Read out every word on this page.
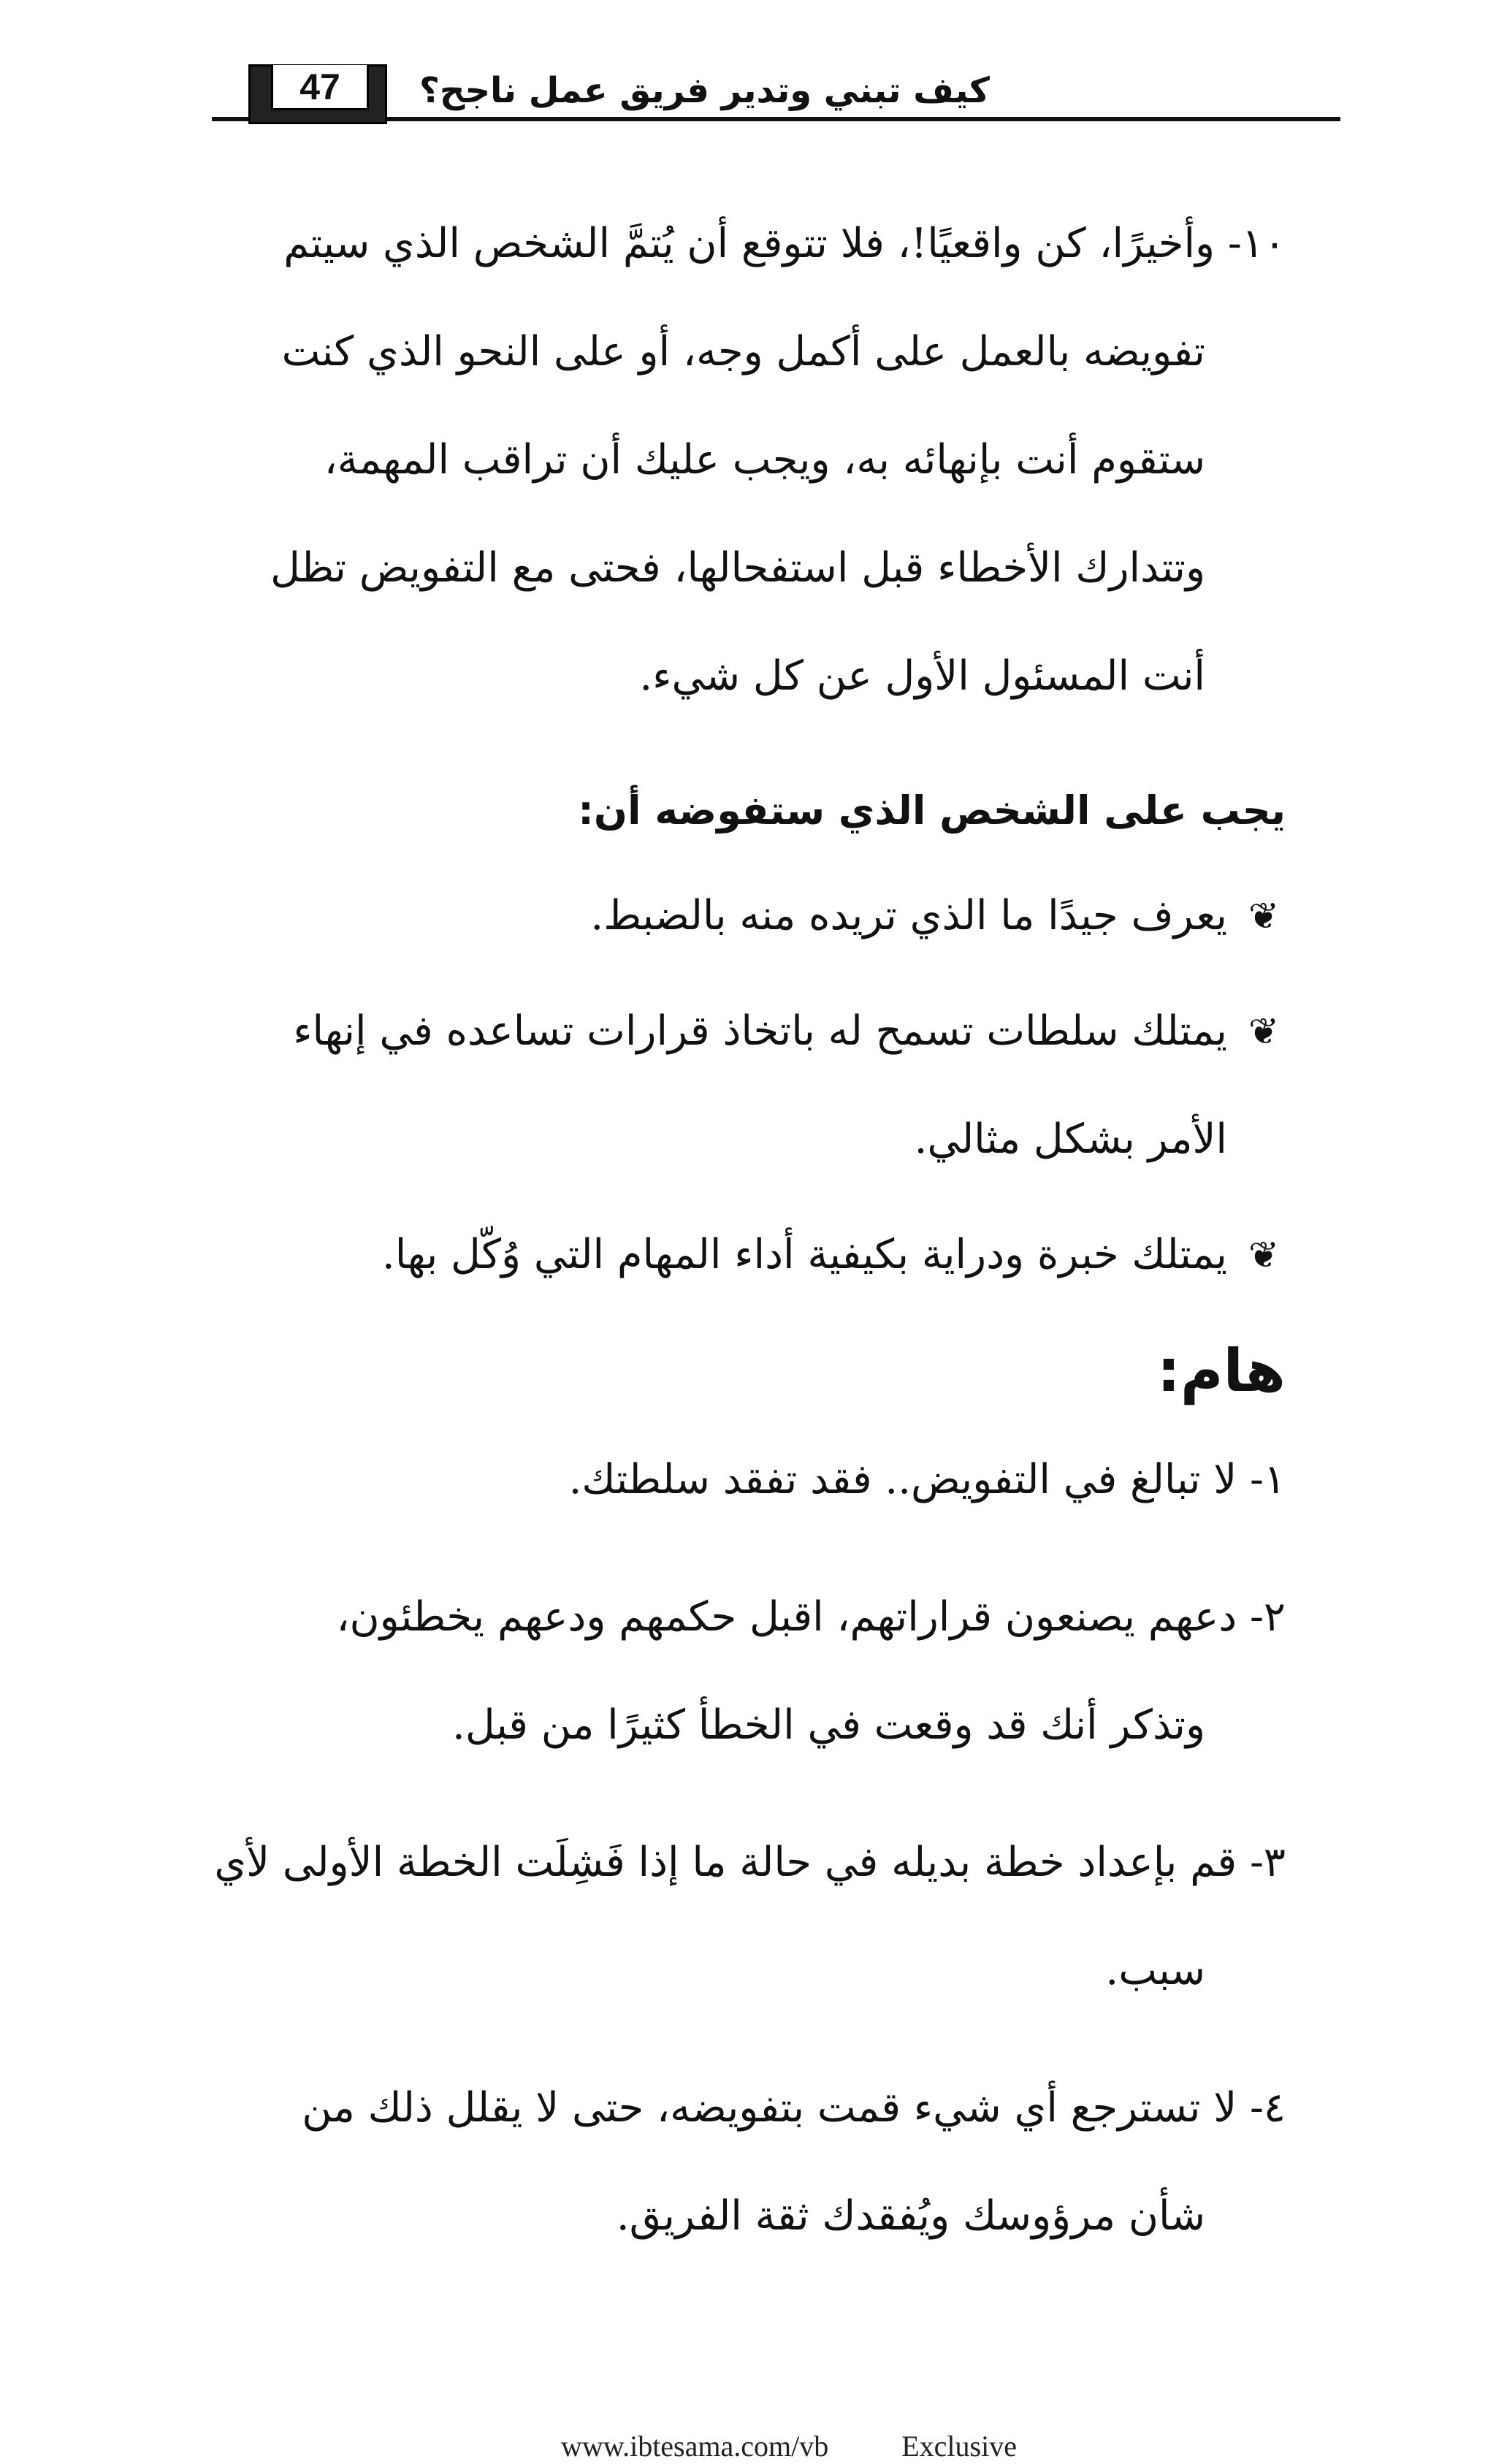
47	كيف تبني وتدير فريق عمل ناجح؟

١٠- وأخيرًا، كن واقعيًا!، فلا تتوقع أن يُتمَّ الشخص الذي سيتم

تفويضه بالعمل على أكمل وجه، أو على النحو الذي كنت

ستقوم أنت بإنهائه به، ويجب عليك أن تراقب المهمة،

وتتدارك الأخطاء قبل استفحالها، فحتى مع التفويض تظل

أنت المسئول الأول عن كل شيء.

يجب على الشخص الذي ستفوضه أن:
❦
يعرف جيدًا ما الذي تريده منه بالضبط.
❦
يمتلك سلطات تسمح له باتخاذ قرارات تساعده في إنهاء الأمر بشكل مثالي.
❦
يمتلك خبرة ودراية بكيفية أداء المهام التي وُكّل بها.
هام:

١- لا تبالغ في التفويض.. فقد تفقد سلطتك.

٢- دعهم يصنعون قراراتهم، اقبل حكمهم ودعهم يخطئون،

وتذكر أنك قد وقعت في الخطأ كثيرًا من قبل.

٣- قم بإعداد خطة بديله في حالة ما إذا فَشِلَت الخطة الأولى لأي

سبب.

٤- لا تسترجع أي شيء قمت بتفويضه، حتى لا يقلل ذلك من

شأن مرؤوسك ويُفقدك ثقة الفريق.

www.ibtesama.com/vb	Exclusive
